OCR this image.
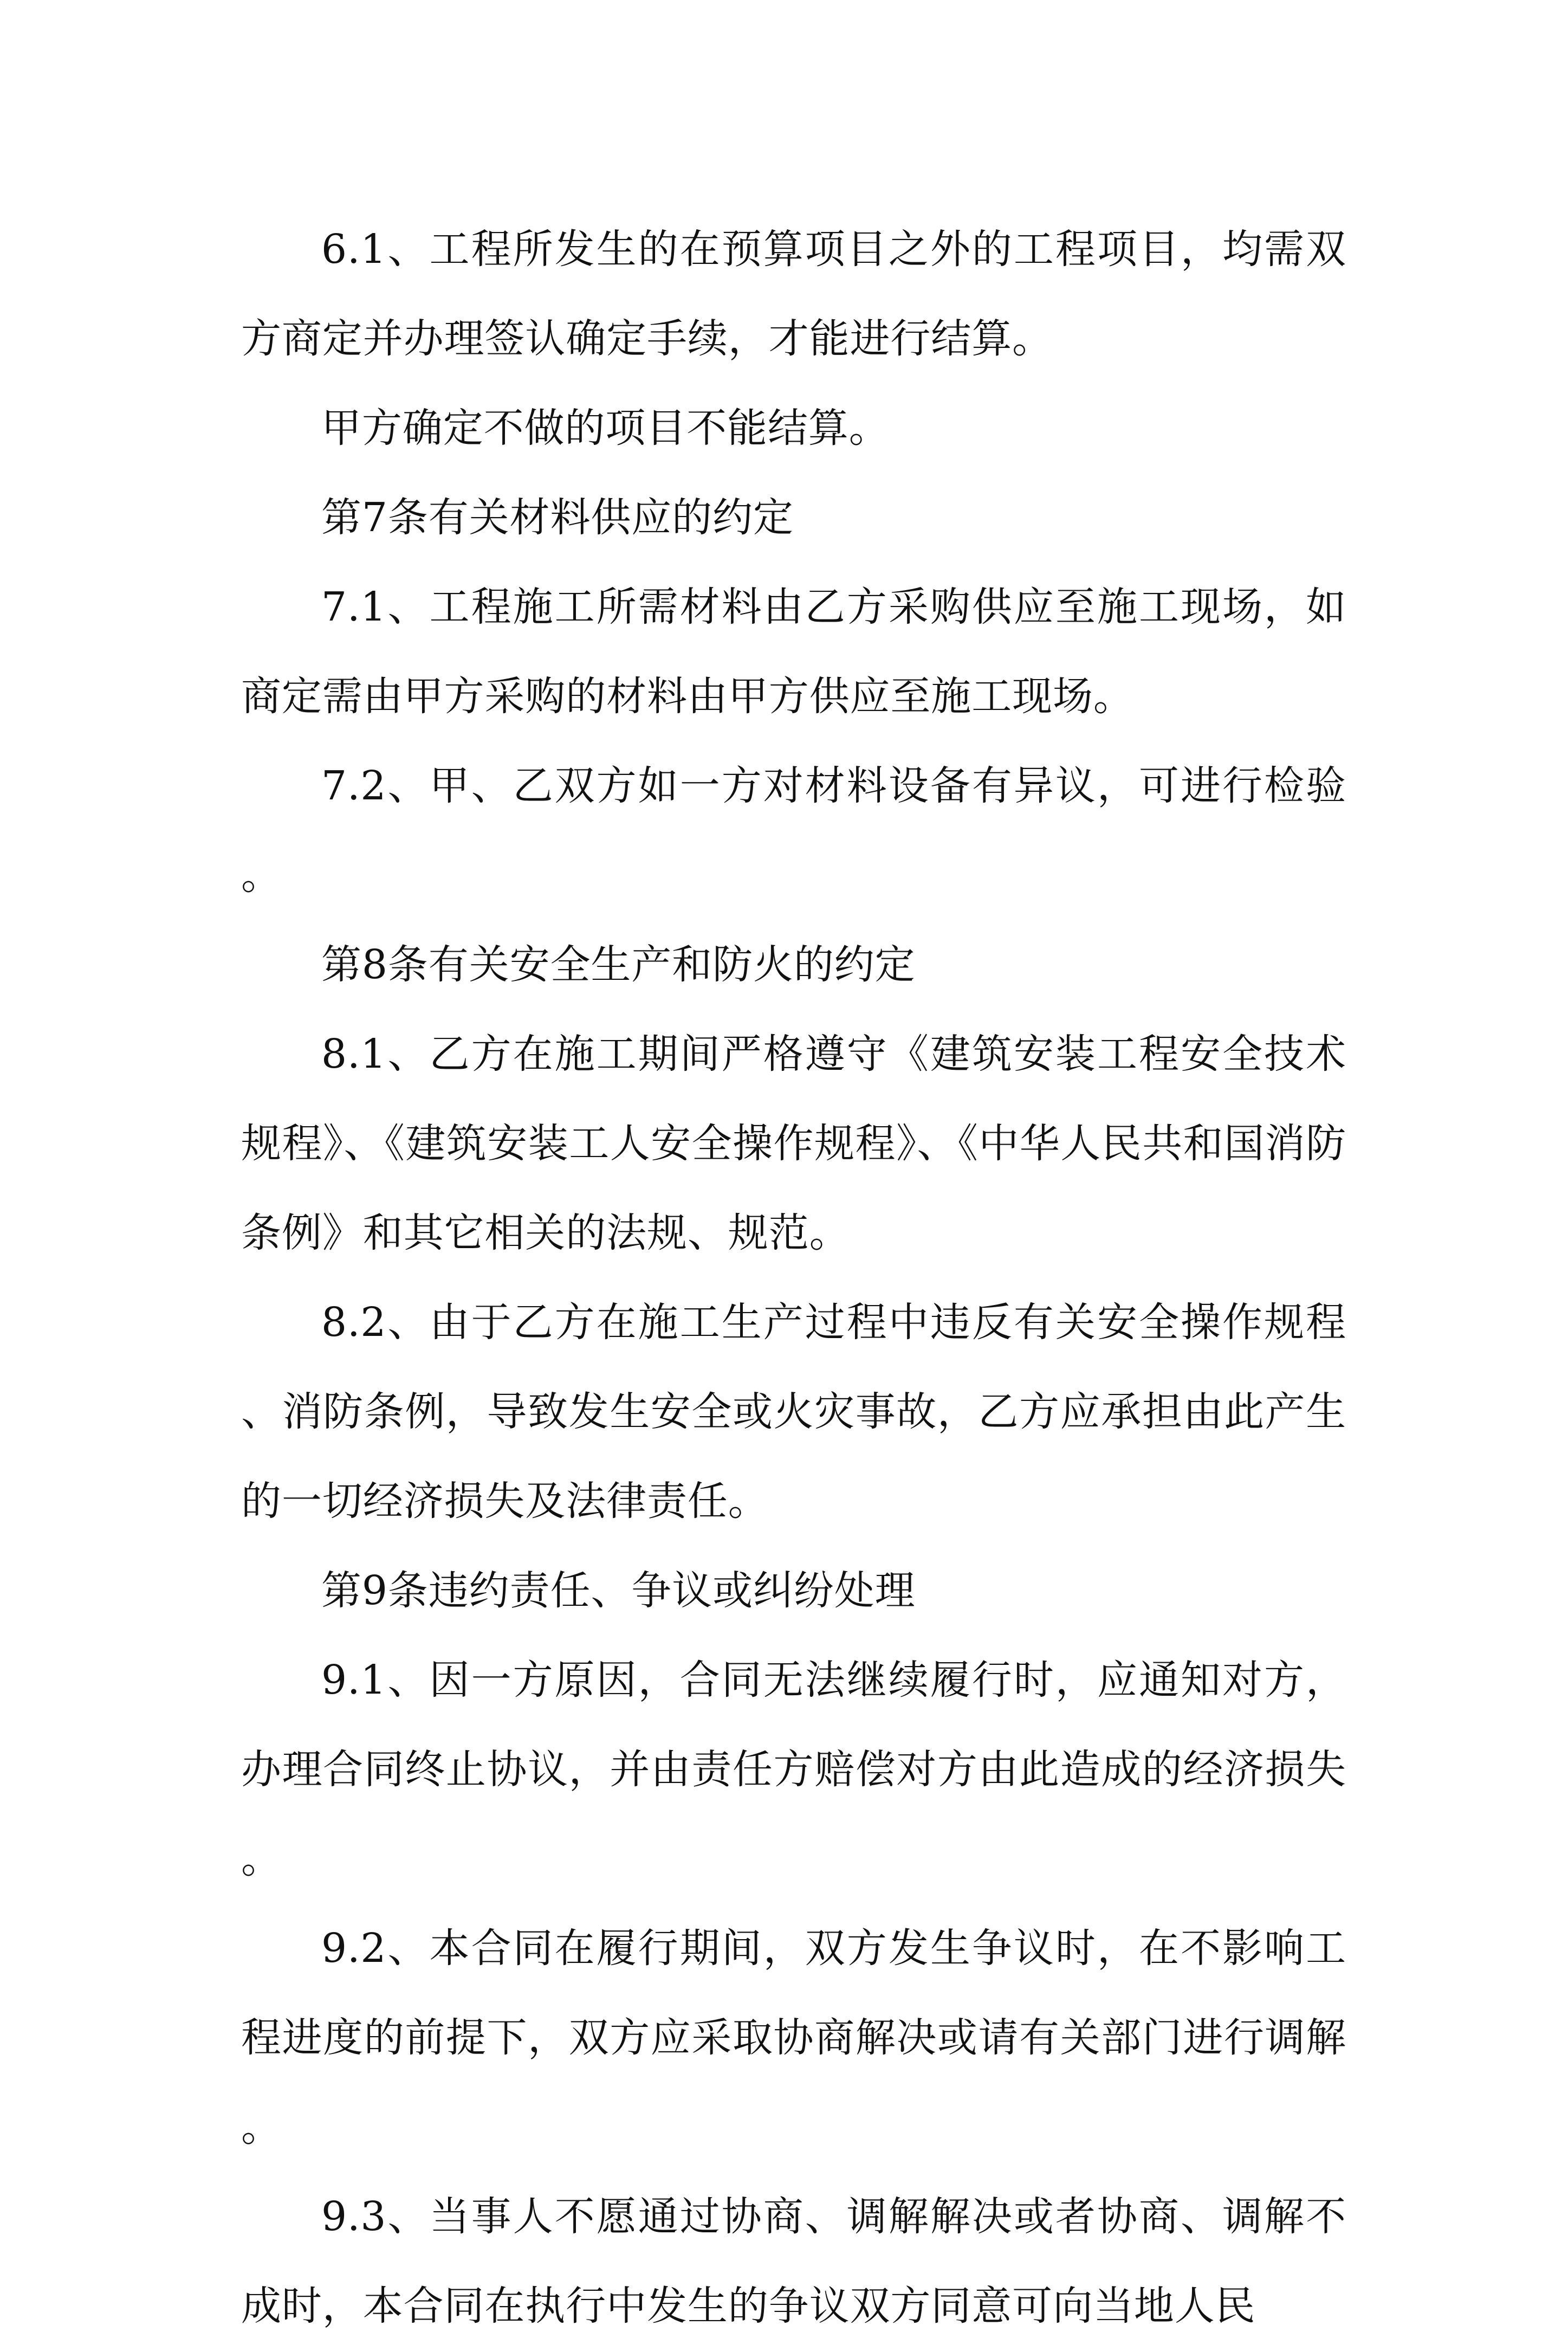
6.1、工程所发生的在预算项目之外的工程项目，均需双方商定并办理签认确定手续，才能进行结算。

甲方确定不做的项目不能结算。

第7条有关材料供应的约定

7.1、工程施工所需材料由乙方采购供应至施工现场，如商定需由甲方采购的材料由甲方供应至施工现场。

7.2、甲、乙双方如一方对材料设备有异议，可进行检验。

第8条有关安全生产和防火的约定

8.1、乙方在施工期间严格遵守《建筑安装工程安全技术规程》、《建筑安装工人安全操作规程》、《中华人民共和国消防条例》和其它相关的法规、规范。

8.2、由于乙方在施工生产过程中违反有关安全操作规程、消防条例，导致发生安全或火灾事故，乙方应承担由此产生的一切经济损失及法律责任。

第9条违约责任、争议或纠纷处理

9.1、因一方原因，合同无法继续履行时，应通知对方，办理合同终止协议，并由责任方赔偿对方由此造成的经济损失。

9.2、本合同在履行期间，双方发生争议时，在不影响工程进度的前提下，双方应采取协商解决或请有关部门进行调解。

9.3、当事人不愿通过协商、调解解决或者协商、调解不成时，本合同在执行中发生的争议双方同意可向当地人民
